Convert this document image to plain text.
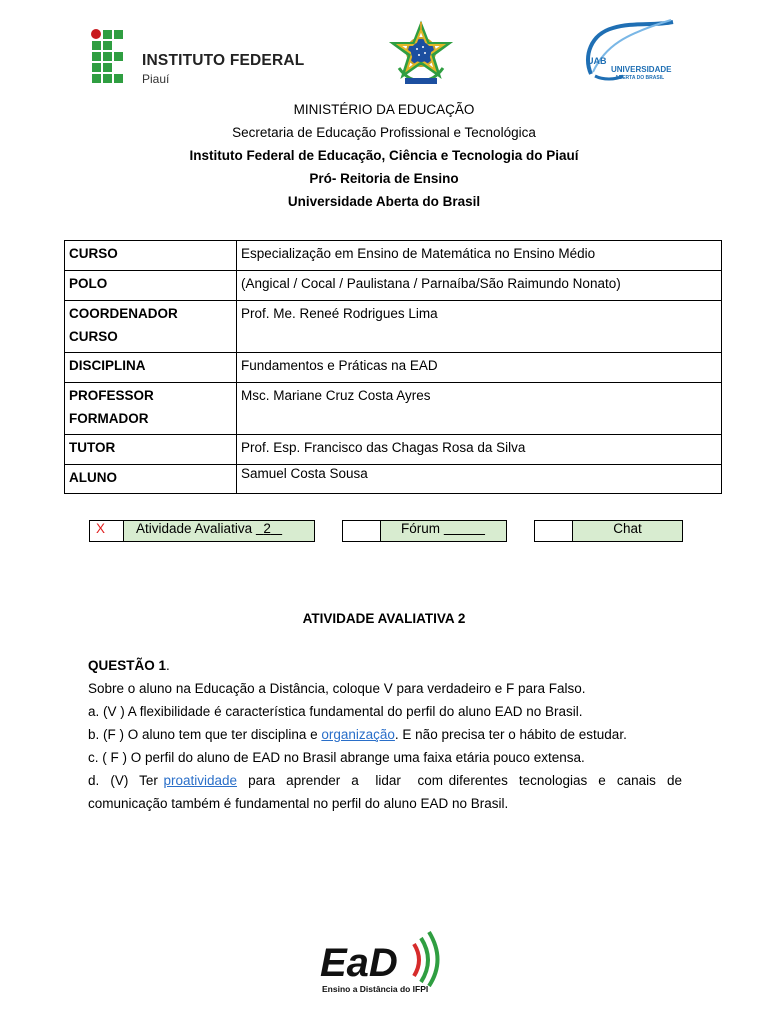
INSTITUTO FEDERAL
Piauí
UAB
UNIVERSIDADE
ABERTA DO BRASIL
MINISTÉRIO DA EDUCAÇÃO
Secretaria de Educação Profissional e Tecnológica
Instituto Federal de Educação, Ciência e Tecnologia do Piauí
Pró- Reitoria de Ensino
Universidade Aberta do Brasil
CURSO	Especialização em Ensino de Matemática no Ensino Médio
POLO	(Angical / Cocal / Paulistana / Parnaíba/São Raimundo Nonato)
COORDENADOR
CURSO	Prof. Me. Reneé Rodrigues Lima
DISCIPLINA	Fundamentos e Práticas na EAD
PROFESSOR
FORMADOR	Msc. Mariane Cruz Costa Ayres
TUTOR	Prof. Esp. Francisco das Chagas Rosa da Silva
ALUNO	Samuel Costa Sousa
X	Atividade Avaliativa 2	Fórum	Chat
ATIVIDADE AVALIATIVA 2
QUESTÃO 1.
Sobre o aluno na Educação a Distância, coloque V para verdadeiro e F para Falso.
a. (V ) A flexibilidade é característica fundamental do perfil do aluno EAD no Brasil.
b. (F ) O aluno tem que ter disciplina e organização. E não precisa ter o hábito de estudar.
c. ( F ) O perfil do aluno de EAD no Brasil abrange uma faixa etária pouco extensa.
d.  (V)  Ter proatividade  para  aprender  a   lidar   com diferentes  tecnologias  e  canais  de
comunicação também é fundamental no perfil do aluno EAD no Brasil.
EaD
Ensino a Distância do IFPI
